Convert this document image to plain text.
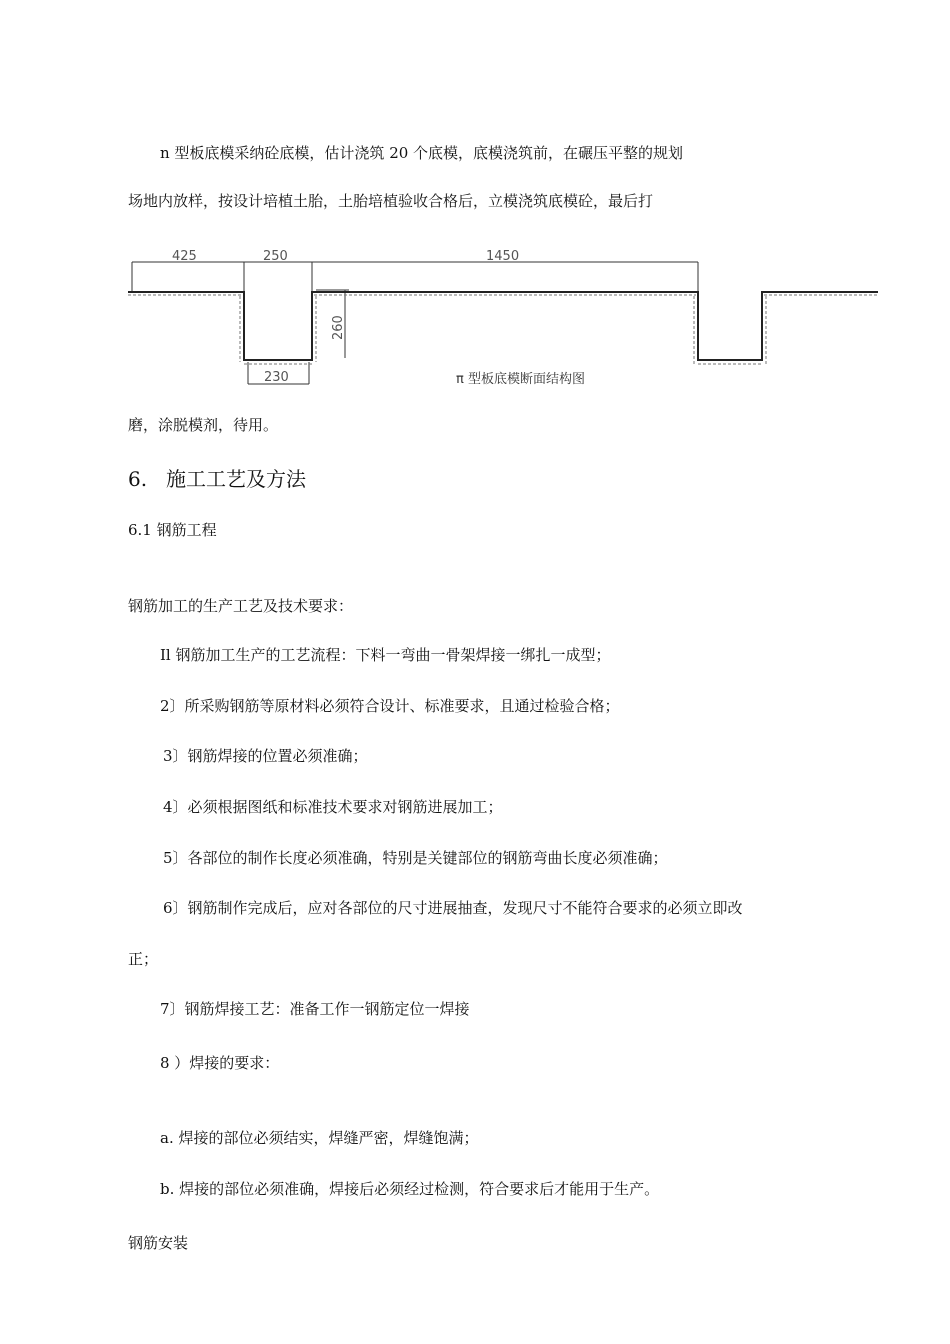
n 型板底模采纳砼底模，估计浇筑 20 个底模，底模浇筑前，在碾压平整的规划
场地内放样，按设计培植土胎，土胎培植验收合格后，立模浇筑底模砼，最后打
425	250	1450
260
230	π 型板底模断面结构图
磨，涂脱模剂，待用。
6. 施工工艺及方法
6.1 钢筋工程
钢筋加工的生产工艺及技术要求：
Il 钢筋加工生产的工艺流程：下料一弯曲一骨架焊接一绑扎一成型；
2〕所采购钢筋等原材料必须符合设计、标准要求，且通过检验合格；
3〕钢筋焊接的位置必须准确；
4〕必须根据图纸和标准技术要求对钢筋进展加工；
5〕各部位的制作长度必须准确，特别是关键部位的钢筋弯曲长度必须准确；
6〕钢筋制作完成后，应对各部位的尺寸进展抽查，发现尺寸不能符合要求的必须立即改
正；
7〕钢筋焊接工艺：准备工作一钢筋定位一焊接
8 ）焊接的要求：
a. 焊接的部位必须结实，焊缝严密，焊缝饱满；
b. 焊接的部位必须准确，焊接后必须经过检测，符合要求后才能用于生产。
钢筋安装
